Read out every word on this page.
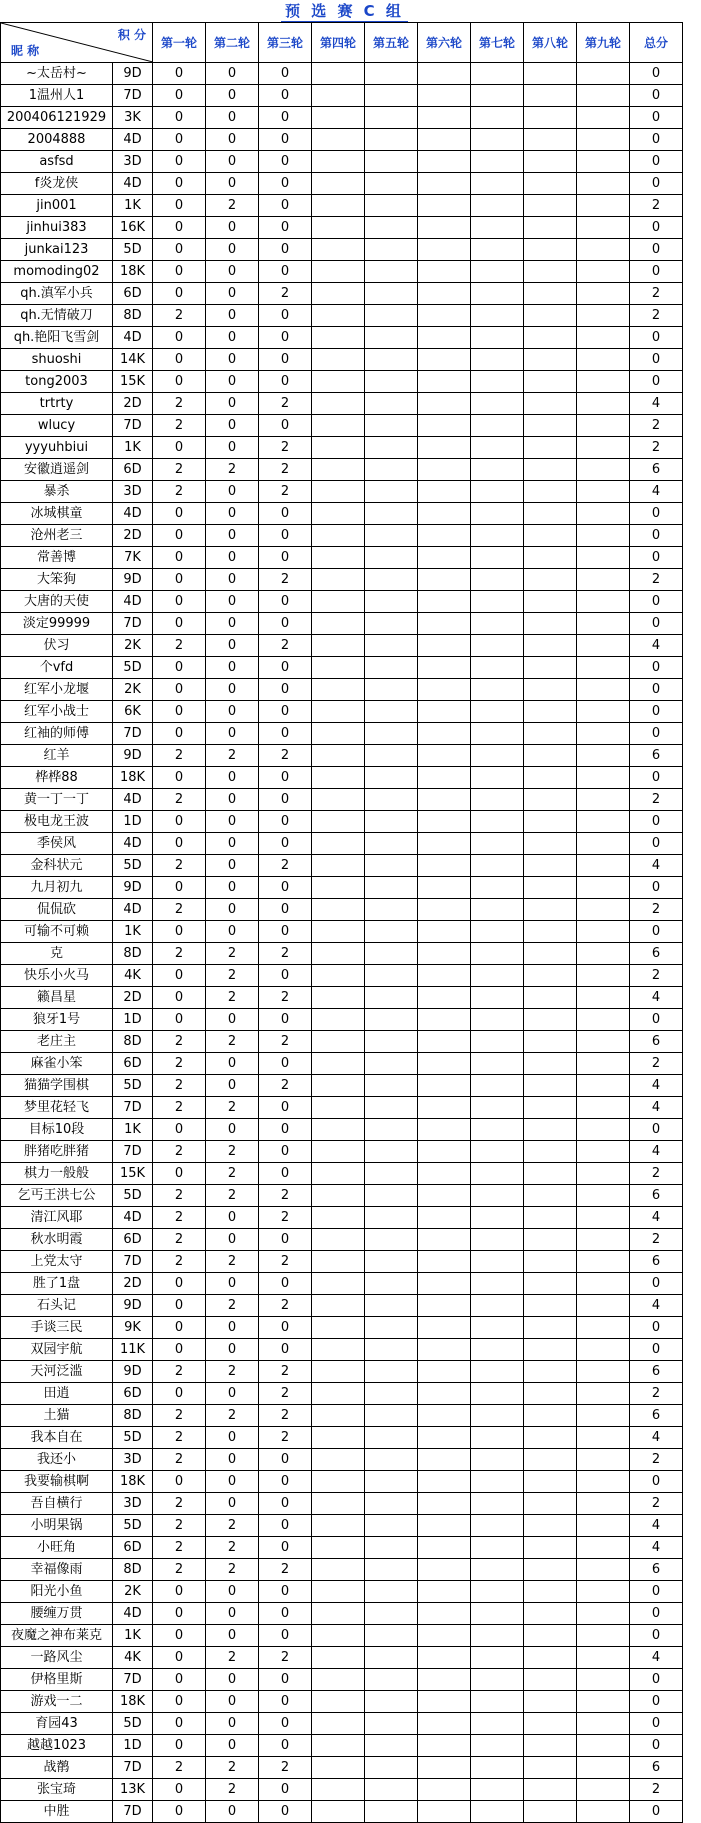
预 选 赛 C 组
积 分
昵 称		第一轮	第二轮	第三轮	第四轮	第五轮	第六轮	第七轮	第八轮	第九轮	总分
~太岳村~	9D	0	0	0							0
1温州人1	7D	0	0	0							0
200406121929	3K	0	0	0							0
2004888	4D	0	0	0							0
asfsd	3D	0	0	0							0
f炎龙侠	4D	0	0	0							0
jin001	1K	0	2	0							2
jinhui383	16K	0	0	0							0
junkai123	5D	0	0	0							0
momoding02	18K	0	0	0							0
qh.滇军小兵	6D	0	0	2							2
qh.无情破刀	8D	2	0	0							2
qh.艳阳飞雪剑	4D	0	0	0							0
shuoshi	14K	0	0	0							0
tong2003	15K	0	0	0							0
trtrty	2D	2	0	2							4
wlucy	7D	2	0	0							2
yyyuhbiui	1K	0	0	2							2
安徽逍遥剑	6D	2	2	2							6
暴杀	3D	2	0	2							4
冰城棋童	4D	0	0	0							0
沧州老三	2D	0	0	0							0
常善博	7K	0	0	0							0
大笨狗	9D	0	0	2							2
大唐的天使	4D	0	0	0							0
淡定99999	7D	0	0	0							0
伏习	2K	2	0	2							4
个vfd	5D	0	0	0							0
红军小龙堰	2K	0	0	0							0
红军小战士	6K	0	0	0							0
红袖的师傅	7D	0	0	0							0
红羊	9D	2	2	2							6
桦桦88	18K	0	0	0							0
黄一丁一丁	4D	2	0	0							2
极电龙王波	1D	0	0	0							0
季侯风	4D	0	0	0							0
金科状元	5D	2	0	2							4
九月初九	9D	0	0	0							0
侃侃砍	4D	2	0	0							2
可输不可赖	1K	0	0	0							0
克	8D	2	2	2							6
快乐小火马	4K	0	2	0							2
籁昌星	2D	0	2	2							4
狼牙1号	1D	0	0	0							0
老庄主	8D	2	2	2							6
麻雀小笨	6D	2	0	0							2
猫猫学围棋	5D	2	0	2							4
梦里花轻飞	7D	2	2	0							4
目标10段	1K	0	0	0							0
胖猪吃胖猪	7D	2	2	0							4
棋力一般般	15K	0	2	0							2
乞丐王洪七公	5D	2	2	2							6
清江风耶	4D	2	0	2							4
秋水明霞	6D	2	0	0							2
上党太守	7D	2	2	2							6
胜了1盘	2D	0	0	0							0
石头记	9D	0	2	2							4
手谈三民	9K	0	0	0							0
双园宇航	11K	0	0	0							0
天河泛滥	9D	2	2	2							6
田逍	6D	0	0	2							2
土猫	8D	2	2	2							6
我本自在	5D	2	0	2							4
我还小	3D	2	0	0							2
我要输棋啊	18K	0	0	0							0
吾自横行	3D	2	0	0							2
小明果锅	5D	2	2	0							4
小旺角	6D	2	2	0							4
幸福像雨	8D	2	2	2							6
阳光小鱼	2K	0	0	0							0
腰缠万贯	4D	0	0	0							0
夜魔之神布莱克	1K	0	0	0							0
一路风尘	4K	0	2	2							4
伊格里斯	7D	0	0	0							0
游戏一二	18K	0	0	0							0
育园43	5D	0	0	0							0
越越1023	1D	0	0	0							0
战鹡	7D	2	2	2							6
张宝琦	13K	0	2	0							2
中胜	7D	0	0	0							0
